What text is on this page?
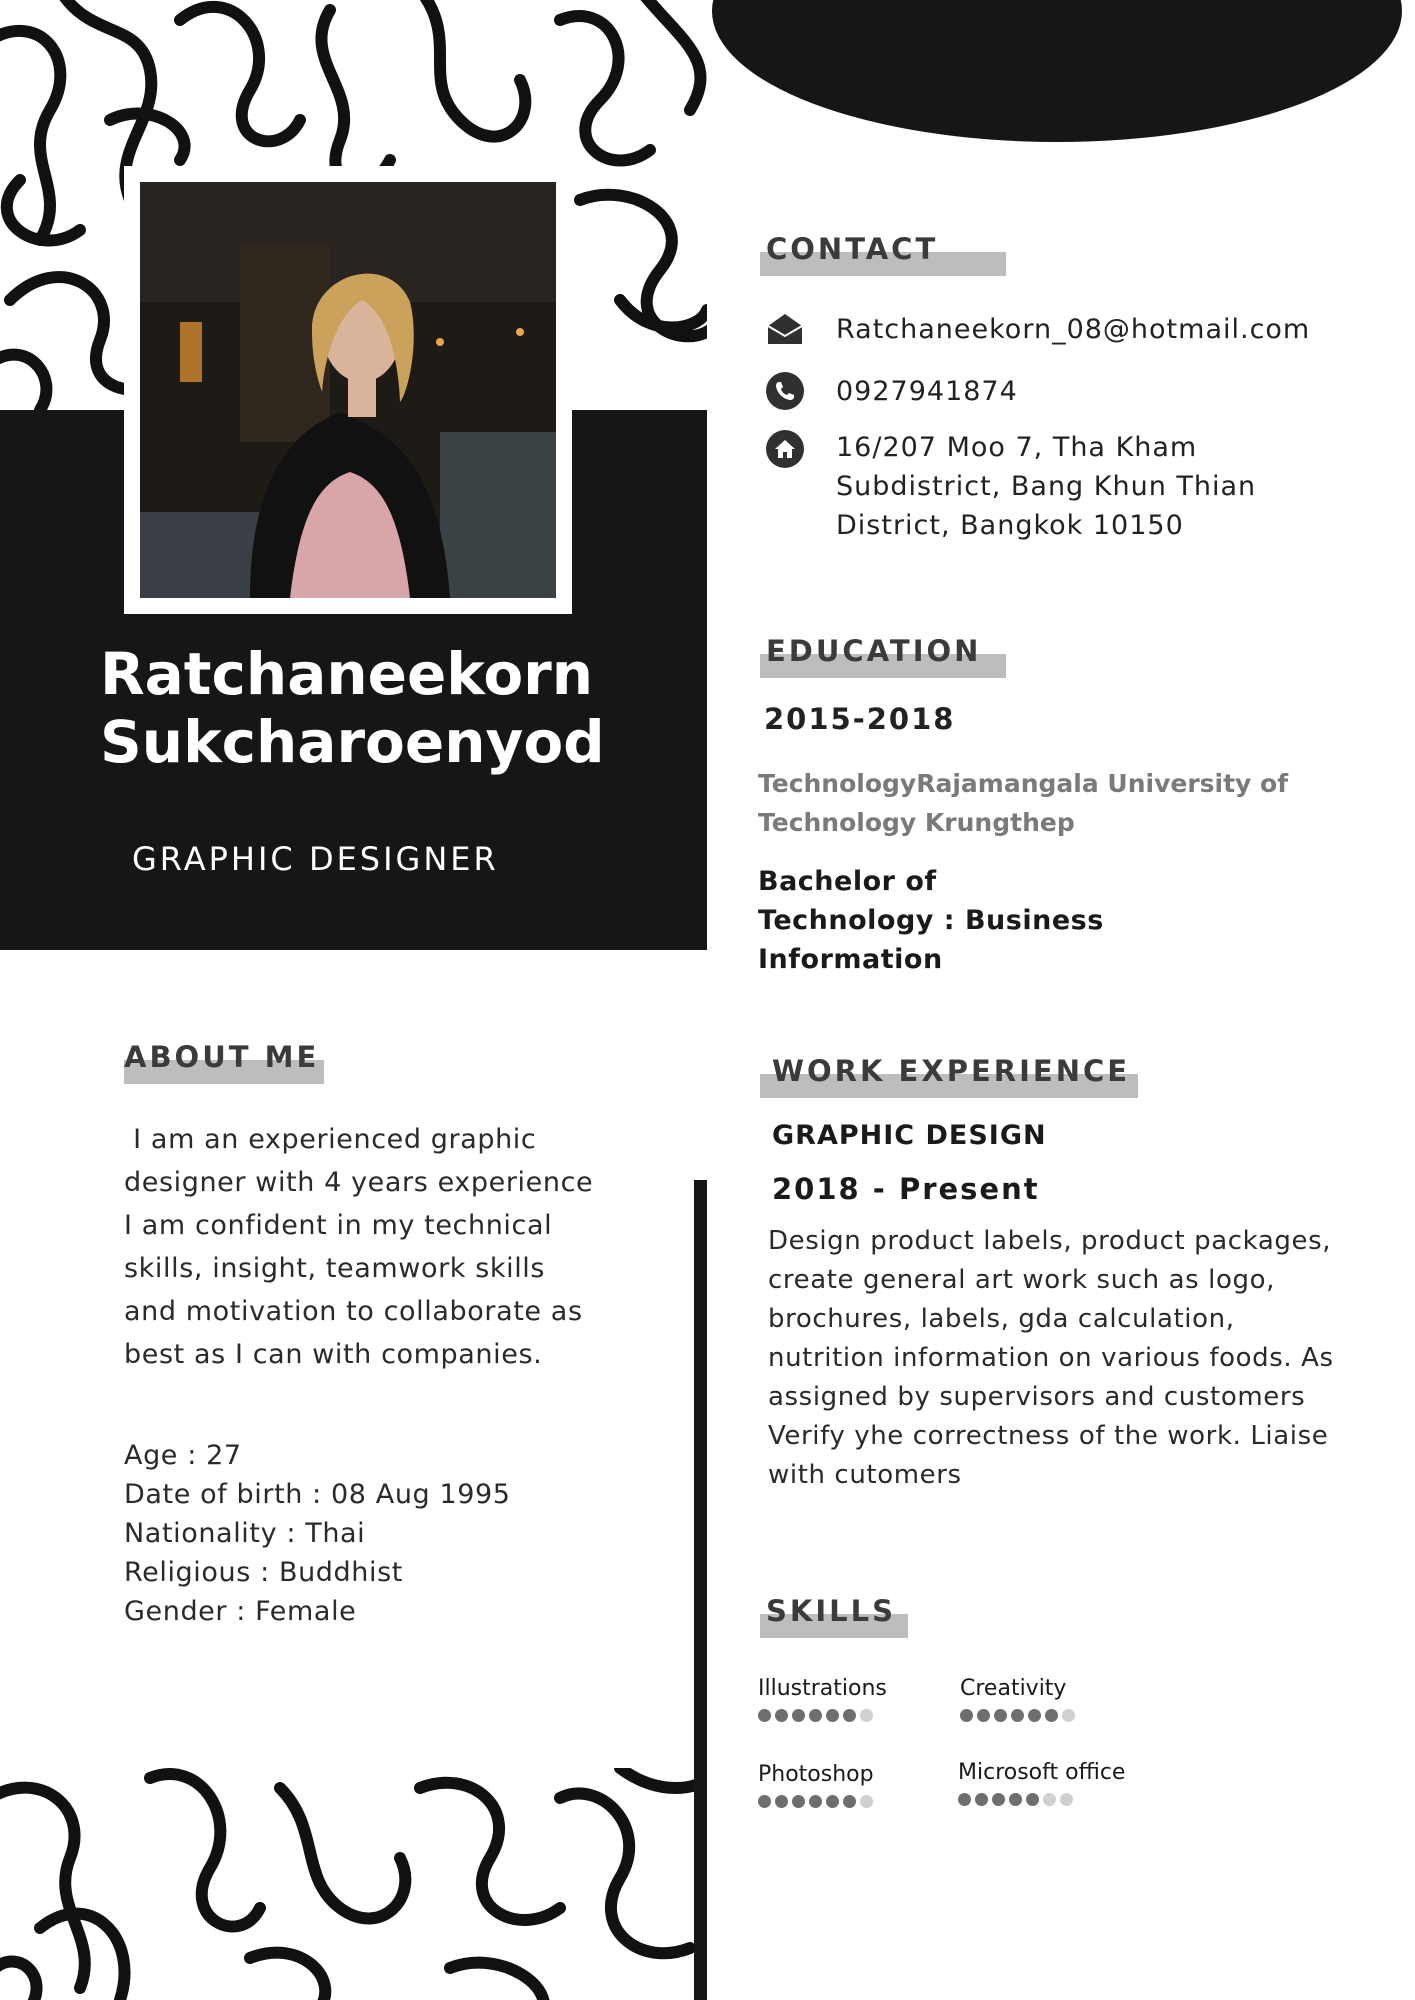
Ratchaneekorn
Sukcharoenyod
GRAPHIC DESIGNER
CONTACT
Ratchaneekorn_08@hotmail.com
0927941874
16/207 Moo 7, Tha Kham
Subdistrict, Bang Khun Thian
District, Bangkok 10150
EDUCATION
2015-2018
TechnologyRajamangala University of
Technology Krungthep
Bachelor of
Technology : Business
Information
WORK EXPERIENCE
GRAPHIC DESIGN
2018 - Present
Design product labels, product packages,
create general art work such as logo,
brochures, labels, gda calculation,
nutrition information on various foods. As
assigned by supervisors and customers
Verify yhe correctness of the work. Liaise
with cutomers
SKILLS
Illustrations	Creativity
Photoshop	Microsoft office
ABOUT ME
I am an experienced graphic
designer with 4 years experience
I am confident in my technical
skills, insight, teamwork skills
and motivation to collaborate as
best as I can with companies.
Age : 27
Date of birth : 08 Aug 1995
Nationality : Thai
Religious : Buddhist
Gender : Female
